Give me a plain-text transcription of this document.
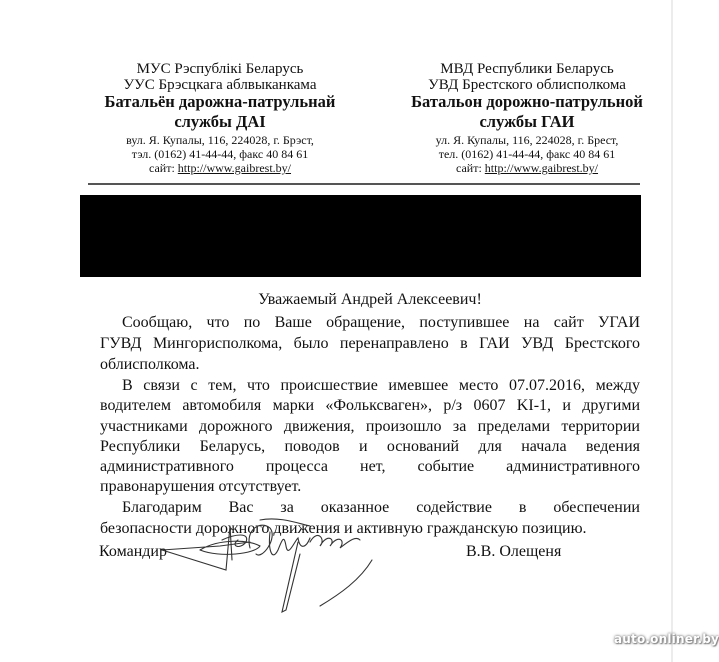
МУС Рэспублікі Беларусь
УУС Брэсцкага аблвыканкама
Батальён дарожна-патрульнай
службы ДАІ
вул. Я. Купалы, 116, 224028, г. Брэст,
тэл. (0162) 41-44-44, факс 40 84 61
сайт: http://www.gaibrest.by/
МВД Республики Беларусь
УВД Брестского облисполкома
Батальон дорожно-патрульной
службы ГАИ
ул. Я. Купалы, 116, 224028, г. Брест,
тел. (0162) 41-44-44, факс 40 84 61
сайт: http://www.gaibrest.by/
Уважаемый Андрей Алексеевич!
Сообщаю, что по Ваше обращение, поступившее на сайт УГАИ
ГУВД Мингорисполкома, было перенаправлено в ГАИ УВД Брестского
облисполкома.
В связи с тем, что происшествие имевшее место 07.07.2016, между
водителем автомобиля марки «Фольксваген», р/з 0607 KI-1, и другими
участниками дорожного движения, произошло за пределами территории
Республики Беларусь, поводов и оснований для начала ведения
административного процесса нет, событие административного
правонарушения отсутствует.
Благодарим Вас за оказанное содействие в обеспечении
безопасности дорожного движения и активную гражданскую позицию.
Командир	В.В. Олещеня
auto.onliner.by
